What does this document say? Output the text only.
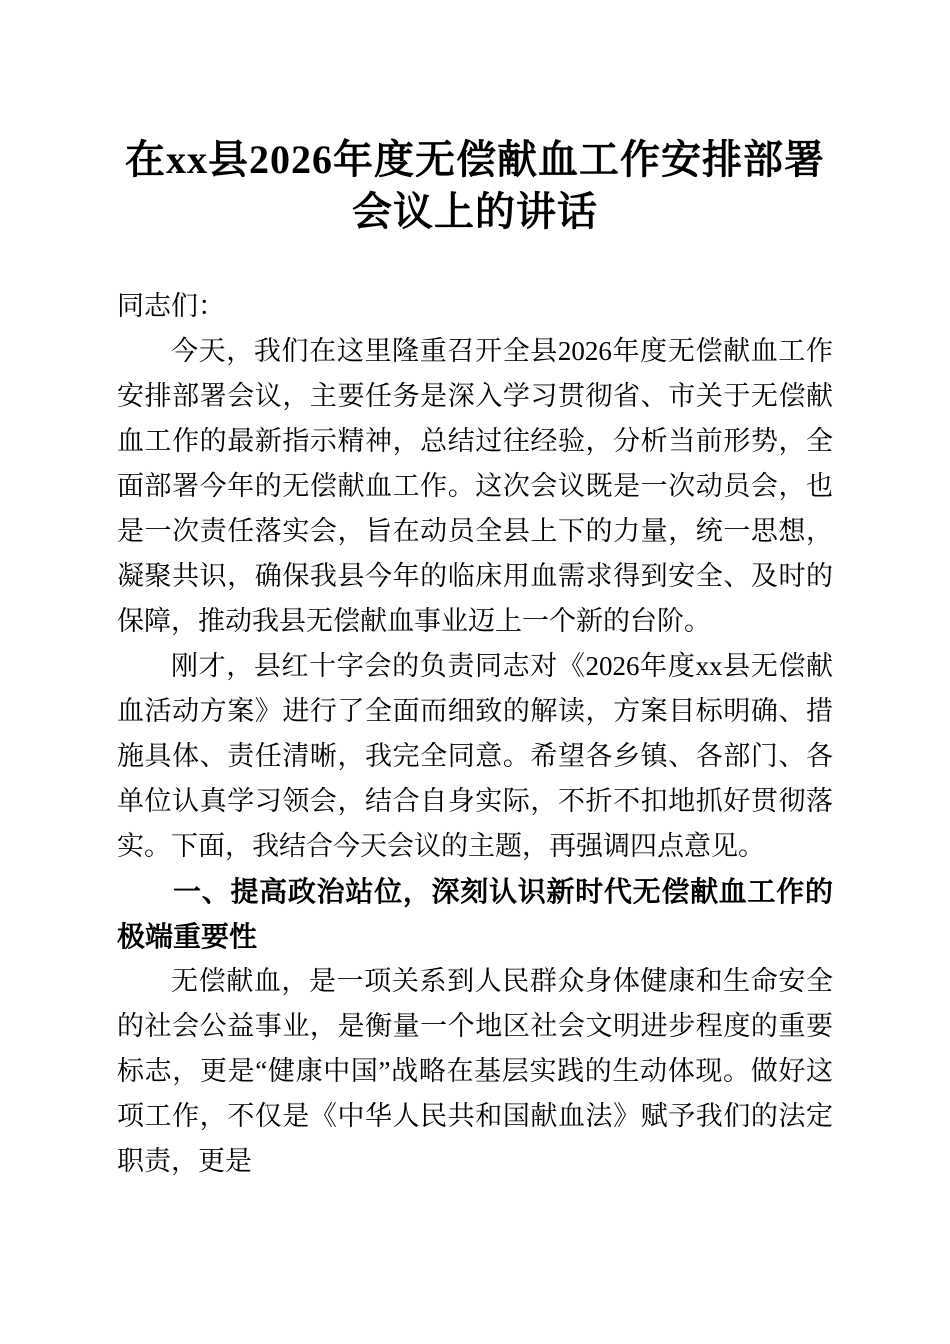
在xx县2026年度无偿献血工作安排部署会议上的讲话

同志们：

今天，我们在这里隆重召开全县2026年度无偿献血工作安排部署会议，主要任务是深入学习贯彻省、市关于无偿献血工作的最新指示精神，总结过往经验，分析当前形势，全面部署今年的无偿献血工作。这次会议既是一次动员会，也是一次责任落实会，旨在动员全县上下的力量，统一思想，凝聚共识，确保我县今年的临床用血需求得到安全、及时的保障，推动我县无偿献血事业迈上一个新的台阶。

刚才，县红十字会的负责同志对《2026年度xx县无偿献血活动方案》进行了全面而细致的解读，方案目标明确、措施具体、责任清晰，我完全同意。希望各乡镇、各部门、各单位认真学习领会，结合自身实际，不折不扣地抓好贯彻落实。下面，我结合今天会议的主题，再强调四点意见。

一、提高政治站位，深刻认识新时代无偿献血工作的极端重要性

无偿献血，是一项关系到人民群众身体健康和生命安全的社会公益事业，是衡量一个地区社会文明进步程度的重要标志，更是“健康中国”战略在基层实践的生动体现。做好这项工作，不仅是《中华人民共和国献血法》赋予我们的法定职责，更是
